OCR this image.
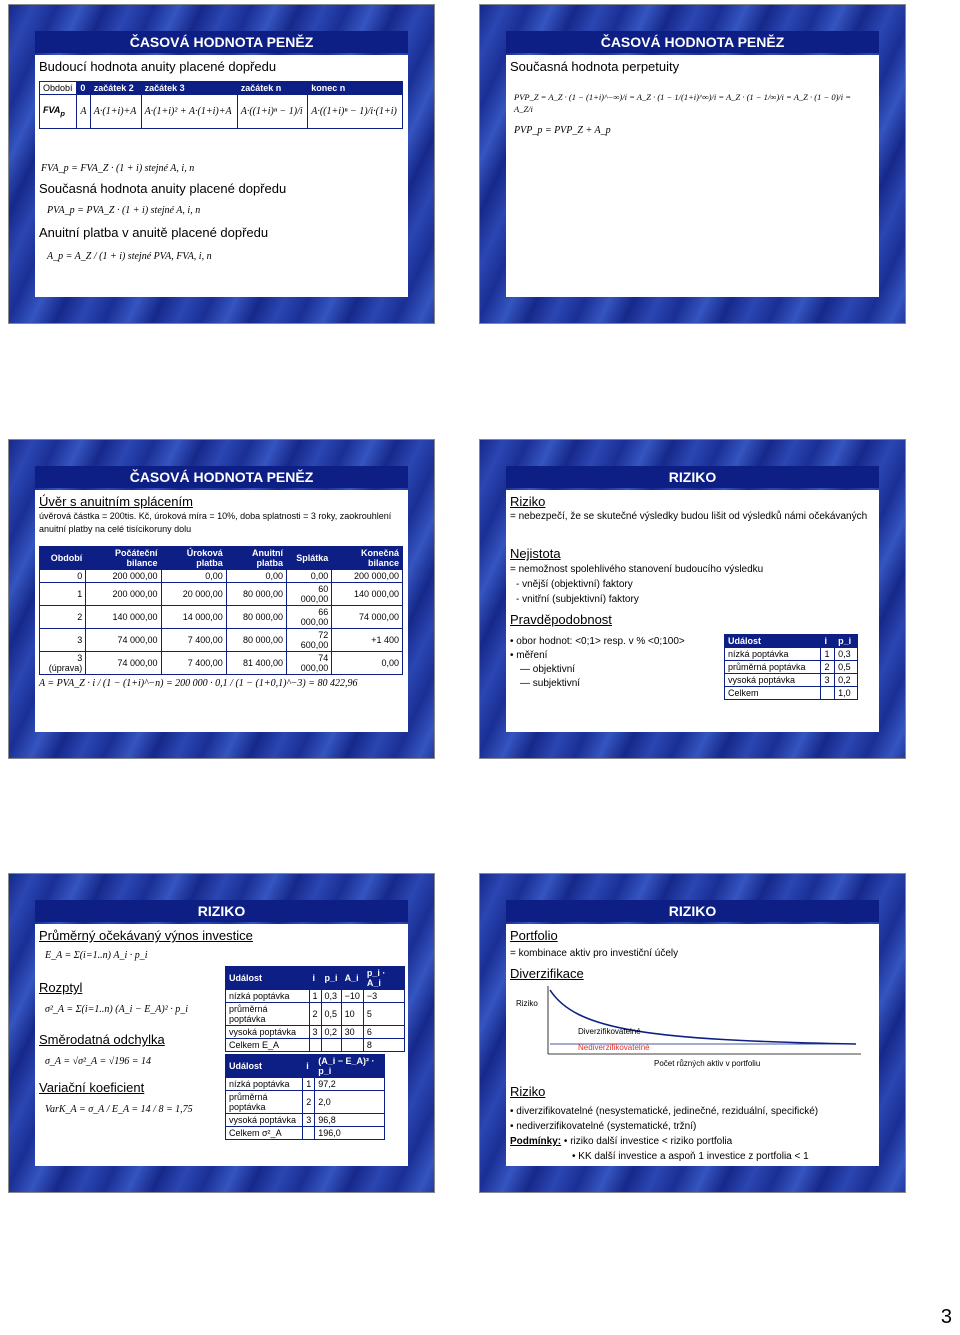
ČASOVÁ HODNOTA PENĚZ
Budoucí hodnota anuity placené dopředu
Období	0	začátek 2	začátek 3	začátek n	konec n
$FVA_p$	A	A·(1+i)+A	A·(1+i)² + A·(1+i)+A	A·((1+i)ⁿ − 1)/i	A·((1+i)ⁿ − 1)/i·(1+i)
FVA_p = FVA_Z · (1 + i) stejné A, i, n
Současná hodnota anuity placené dopředu
PVA_p = PVA_Z · (1 + i) stejné A, i, n
Anuitní platba v anuitě placené dopředu
A_p = A_Z / (1 + i) stejné PVA, FVA, i, n
ČASOVÁ HODNOTA PENĚZ
Současná hodnota perpetuity
PVP_Z = A_Z · (1 − (1+i)^−∞)/i = A_Z · (1 − 1/(1+i)^∞)/i = A_Z · (1 − 1/∞)/i = A_Z · (1 − 0)/i = A_Z/i
PVP_p = PVP_Z + A_p
ČASOVÁ HODNOTA PENĚZ
Úvěr s anuitním splácením
úvěrová částka = 200tis. Kč, úroková míra = 10%, doba splatnosti = 3 roky, zaokrouhlení anuitní platby na celé tisícikoruny dolu
Období	Počáteční bilance	Úroková platba	Anuitní platba	Splátka	Konečná bilance
0	200 000,00	0,00	0,00	0,00	200 000,00
1	200 000,00	20 000,00	80 000,00	60 000,00	140 000,00
2	140 000,00	14 000,00	80 000,00	66 000,00	74 000,00
3	74 000,00	7 400,00	80 000,00	72 600,00	+1 400
3 (úprava)	74 000,00	7 400,00	81 400,00	74 000,00	0,00
A = PVA_Z · i / (1 − (1+i)^−n) = 200 000 · 0,1 / (1 − (1+0,1)^−3) = 80 422,96
RIZIKO
Riziko
= nebezpečí, že se skutečné výsledky budou lišit od výsledků námi očekávaných
Nejistota
= nemožnost spolehlivého stanovení budoucího výsledku
- vnější (objektivní) faktory
- vnitřní (subjektivní) faktory
Pravděpodobnost
• obor hodnot: <0;1> resp. v % <0;100>
• měření
— objektivní
— subjektivní
Událost	i	p_i
nízká poptávka	1	0,3
průměrná poptávka	2	0,5
vysoká poptávka	3	0,2
Celkem		1,0
RIZIKO
Průměrný očekávaný výnos investice
E_A = Σ(i=1..n) A_i · p_i
Rozptyl
σ²_A = Σ(i=1..n) (A_i − E_A)² · p_i
Směrodatná odchylka
σ_A = √σ²_A = √196 = 14
Variační koeficient
VarK_A = σ_A / E_A = 14 / 8 = 1,75
Událost	i	p_i	A_i	p_i · A_i
nízká poptávka	1	0,3	−10	−3
průměrná poptávka	2	0,5	10	5
vysoká poptávka	3	0,2	30	6
Celkem E_A				8
Událost	i	(A_i − E_A)² · p_i
nízká poptávka	1	97,2
průměrná poptávka	2	2,0
vysoká poptávka	3	96,8
Celkem σ²_A		196,0
RIZIKO
Portfolio
= kombinace aktiv pro investiční účely
Diverzifikace
Riziko
Diverzifikovatelné
Nediverzifikovatelné
Počet různých aktiv v portfoliu
Riziko
• diverzifikovatelné (nesystematické, jedinečné, reziduální, specifické)
• nediverzifikovatelné (systematické, tržní)
Podmínky: • riziko další investice < riziko portfolia
• KK další investice a aspoň 1 investice z portfolia < 1
3
